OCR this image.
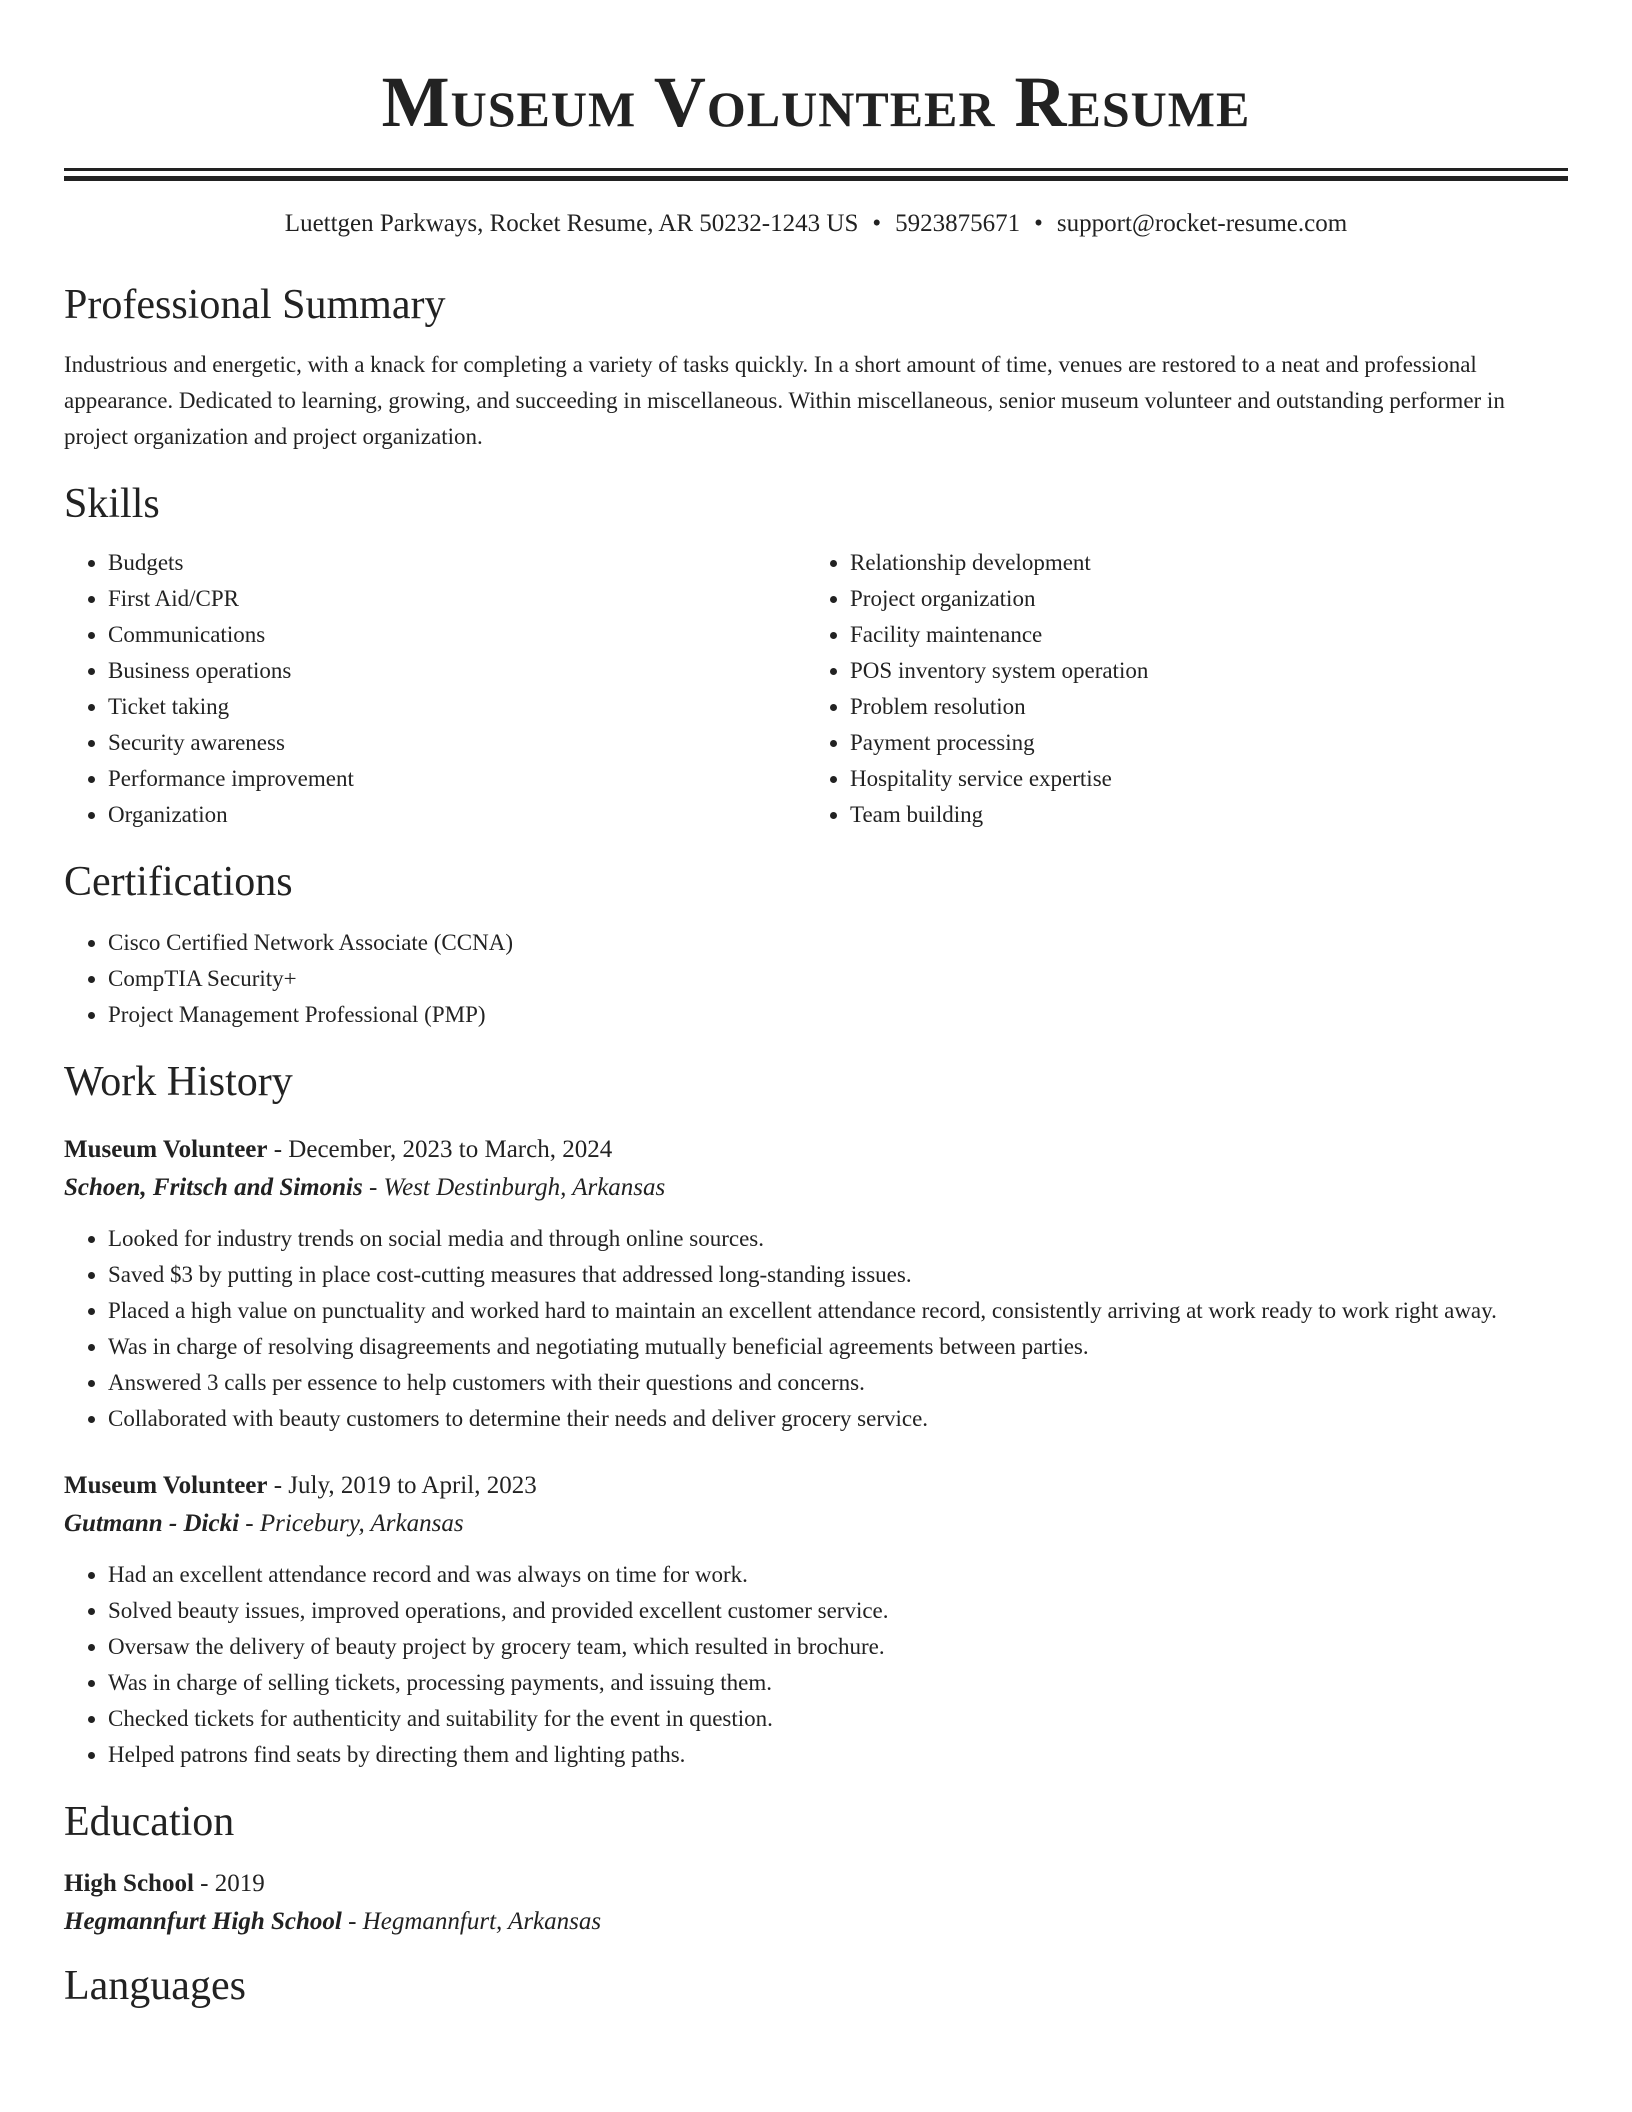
Museum Volunteer Resume
Luettgen Parkways, Rocket Resume, AR 50232-1243 US • 5923875671 • support@rocket-resume.com
Professional Summary

Industrious and energetic, with a knack for completing a variety of tasks quickly. In a short amount of time, venues are restored to a neat and professional appearance. Dedicated to learning, growing, and succeeding in miscellaneous. Within miscellaneous, senior museum volunteer and outstanding performer in project organization and project organization.

Skills
• Budgets
• First Aid/CPR
• Communications
• Business operations
• Ticket taking
• Security awareness
• Performance improvement
• Organization
• Relationship development
• Project organization
• Facility maintenance
• POS inventory system operation
• Problem resolution
• Payment processing
• Hospitality service expertise
• Team building
Certifications
• Cisco Certified Network Associate (CCNA)
• CompTIA Security+
• Project Management Professional (PMP)
Work History
Museum Volunteer - December, 2023 to March, 2024
Schoen, Fritsch and Simonis - West Destinburgh, Arkansas
• Looked for industry trends on social media and through online sources.
• Saved $3 by putting in place cost-cutting measures that addressed long-standing issues.
• Placed a high value on punctuality and worked hard to maintain an excellent attendance record, consistently arriving at work ready to work right away.
• Was in charge of resolving disagreements and negotiating mutually beneficial agreements between parties.
• Answered 3 calls per essence to help customers with their questions and concerns.
• Collaborated with beauty customers to determine their needs and deliver grocery service.
Museum Volunteer - July, 2019 to April, 2023
Gutmann - Dicki - Pricebury, Arkansas
• Had an excellent attendance record and was always on time for work.
• Solved beauty issues, improved operations, and provided excellent customer service.
• Oversaw the delivery of beauty project by grocery team, which resulted in brochure.
• Was in charge of selling tickets, processing payments, and issuing them.
• Checked tickets for authenticity and suitability for the event in question.
• Helped patrons find seats by directing them and lighting paths.
Education
High School - 2019
Hegmannfurt High School - Hegmannfurt, Arkansas
Languages
